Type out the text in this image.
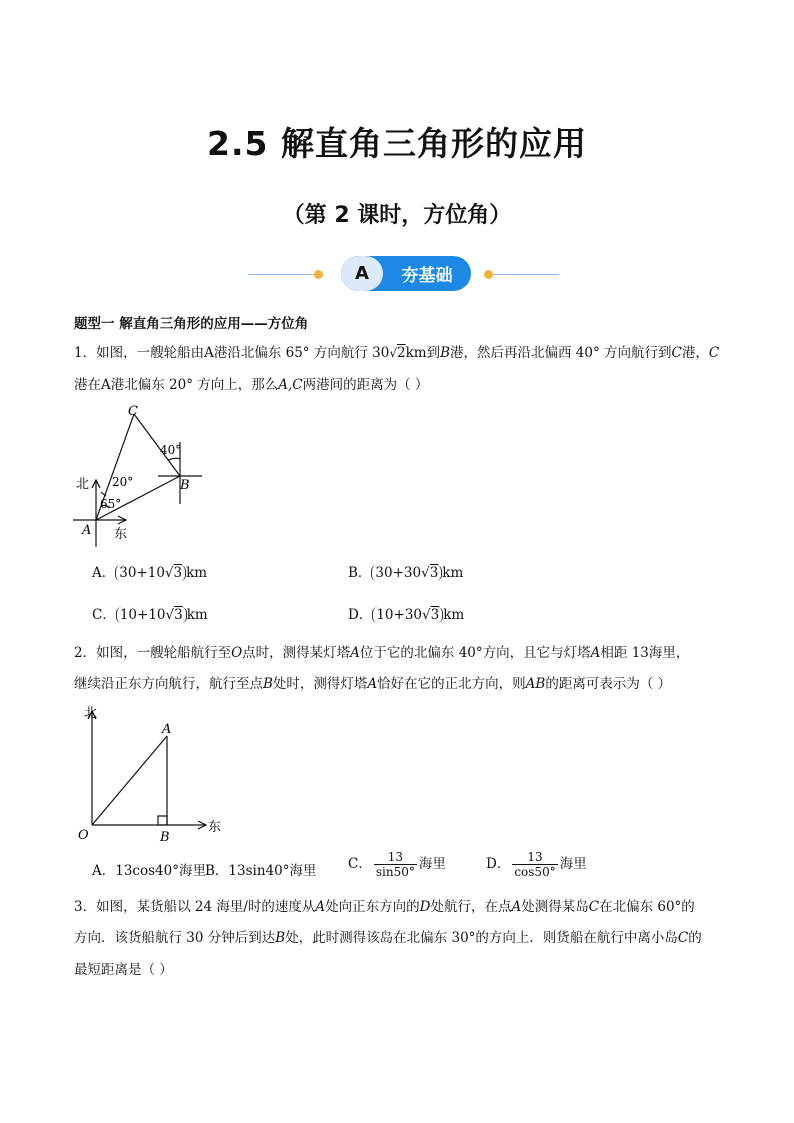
2.5 解直角三角形的应用
（第 2 课时，方位角）
A	夯基础
题型一 解直角三角形的应用——方位角
1．如图，一艘轮船由A港沿北偏东 65° 方向航行 30√2km到B港，然后再沿北偏西 40° 方向航行到C港，C
港在A港北偏东 20° 方向上，那么A,C两港间的距离为（ ）
C
B
A
北
东
20°
65°
40°
A． 30+10√3 km	B． 30+30√3 km
C． 10+10√3 km	D． 10+30√3 km
2．如图，一艘轮船航行至O点时，测得某灯塔A位于它的北偏东 40°方向，且它与灯塔A相距 13海里，
继续沿正东方向航行，航行至点B处时，测得灯塔A恰好在它的正北方向，则AB的距离可表示为（ ）
北
东
O
A
B
A．13cos40°海里 B．13sin40°海里 C． $\frac{13}{\sin 50^\circ}$ 海里	D． $\frac{13}{\cos 50^\circ}$ 海里
3．如图，某货船以 24 海里/时的速度从A处向正东方向的D处航行，在点A处测得某岛C在北偏东 60°的
方向．该货船航行 30 分钟后到达B处，此时测得该岛在北偏东 30°的方向上．则货船在航行中离小岛C的
最短距离是（ ）
